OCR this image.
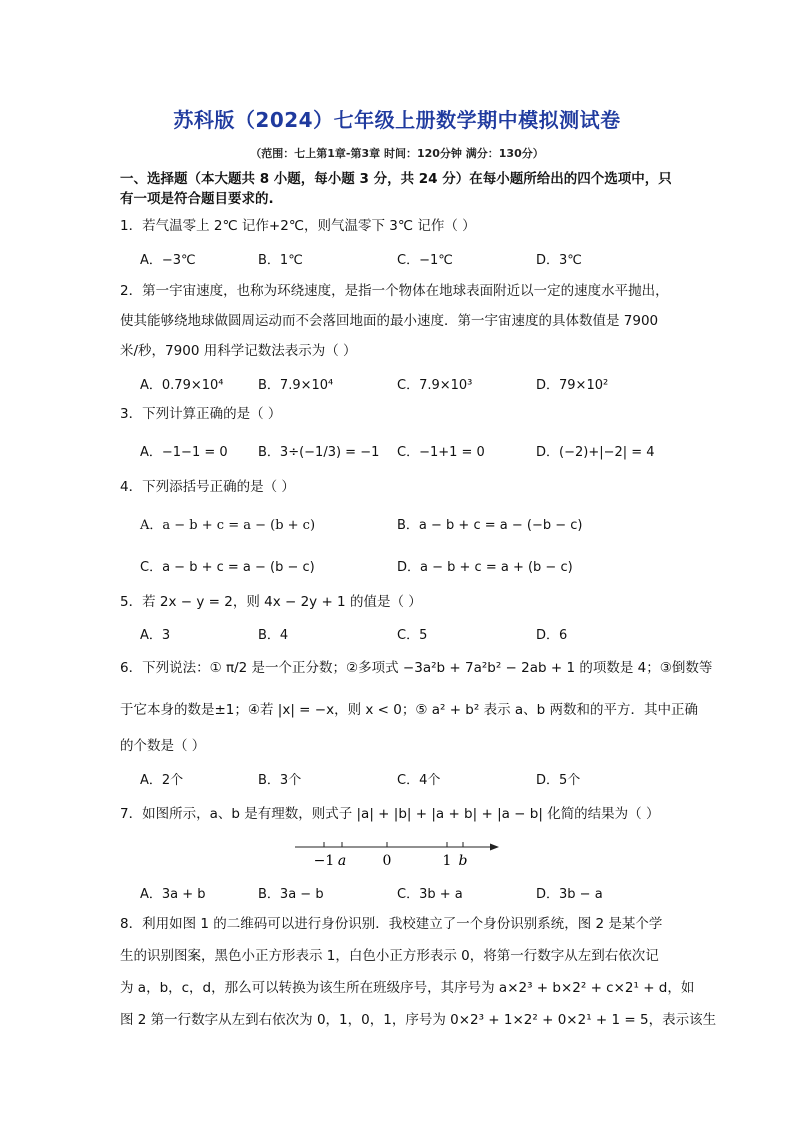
苏科版（2024）七年级上册数学期中模拟测试卷
（范围：七上第1章-第3章 时间：120分钟 满分：130分）
一、选择题（本大题共 8 小题，每小题 3 分，共 24 分）在每小题所给出的四个选项中，只
有一项是符合题目要求的.
1．若气温零上 2℃ 记作+2℃，则气温零下 3℃ 记作（ ）
A．−3℃	B．1℃	C．−1℃	D．3℃
2．第一宇宙速度，也称为环绕速度，是指一个物体在地球表面附近以一定的速度水平抛出，
使其能够绕地球做圆周运动而不会落回地面的最小速度．第一宇宙速度的具体数值是 7900
米/秒，7900 用科学记数法表示为（ ）
A．0.79×10⁴	B．7.9×10⁴	C．7.9×10³	D．79×10²
3．下列计算正确的是（ ）
A．−1−1 = 0 B．3÷(−1/3) = −1 C．−1+1 = 0	D．(−2)+|−2| = 4
4．下列添括号正确的是（ ）
A．a − b + c = a − (b + c)	B．a − b + c = a − (−b − c)
C．a − b + c = a − (b − c)	D．a − b + c = a + (b − c)
5．若 2x − y = 2，则 4x − 2y + 1 的值是（ ）
A．3	B．4	C．5	D．6
6．下列说法：① π/2 是一个正分数；②多项式 −3a²b + 7a²b² − 2ab + 1 的项数是 4；③倒数等
于它本身的数是±1；④若 |x| = −x，则 x < 0；⑤ a² + b² 表示 a、b 两数和的平方．其中正确
的个数是（ ）
A．2个	B．3个	C．4个	D．5个
7．如图所示，a、b 是有理数，则式子 |a| + |b| + |a + b| + |a − b| 化简的结果为（ ）
−1 a	0	1 b
A．3a + b	B．3a − b	C．3b + a	D．3b − a
8．利用如图 1 的二维码可以进行身份识别．我校建立了一个身份识别系统，图 2 是某个学
生的识别图案，黑色小正方形表示 1，白色小正方形表示 0，将第一行数字从左到右依次记
为 a，b，c，d，那么可以转换为该生所在班级序号，其序号为 a×2³ + b×2² + c×2¹ + d，如
图 2 第一行数字从左到右依次为 0，1，0，1，序号为 0×2³ + 1×2² + 0×2¹ + 1 = 5，表示该生
